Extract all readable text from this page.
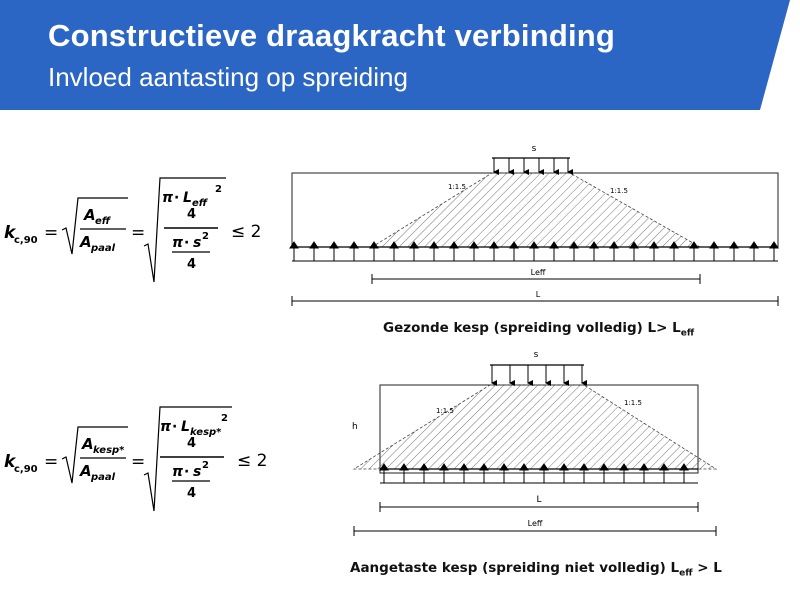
Constructieve draagkracht verbinding
Invloed aantasting op spreiding
k
c,90 =
A eff
A paal
=
π · L eff
2
4
π · s 2
4
≤ 2
k
c,90 =
A kesp*
A paal
=
π · L kesp*
2
4
π · s 2
4
≤ 2
s
1:1.5	1:1.5
Leff
L
Gezonde kesp (spreiding volledig) $L> L_{eff}$
s
1:1.5
1:1.5
h
L
Leff
Aangetaste kesp (spreiding niet volledig) $L_{eff} > L$
